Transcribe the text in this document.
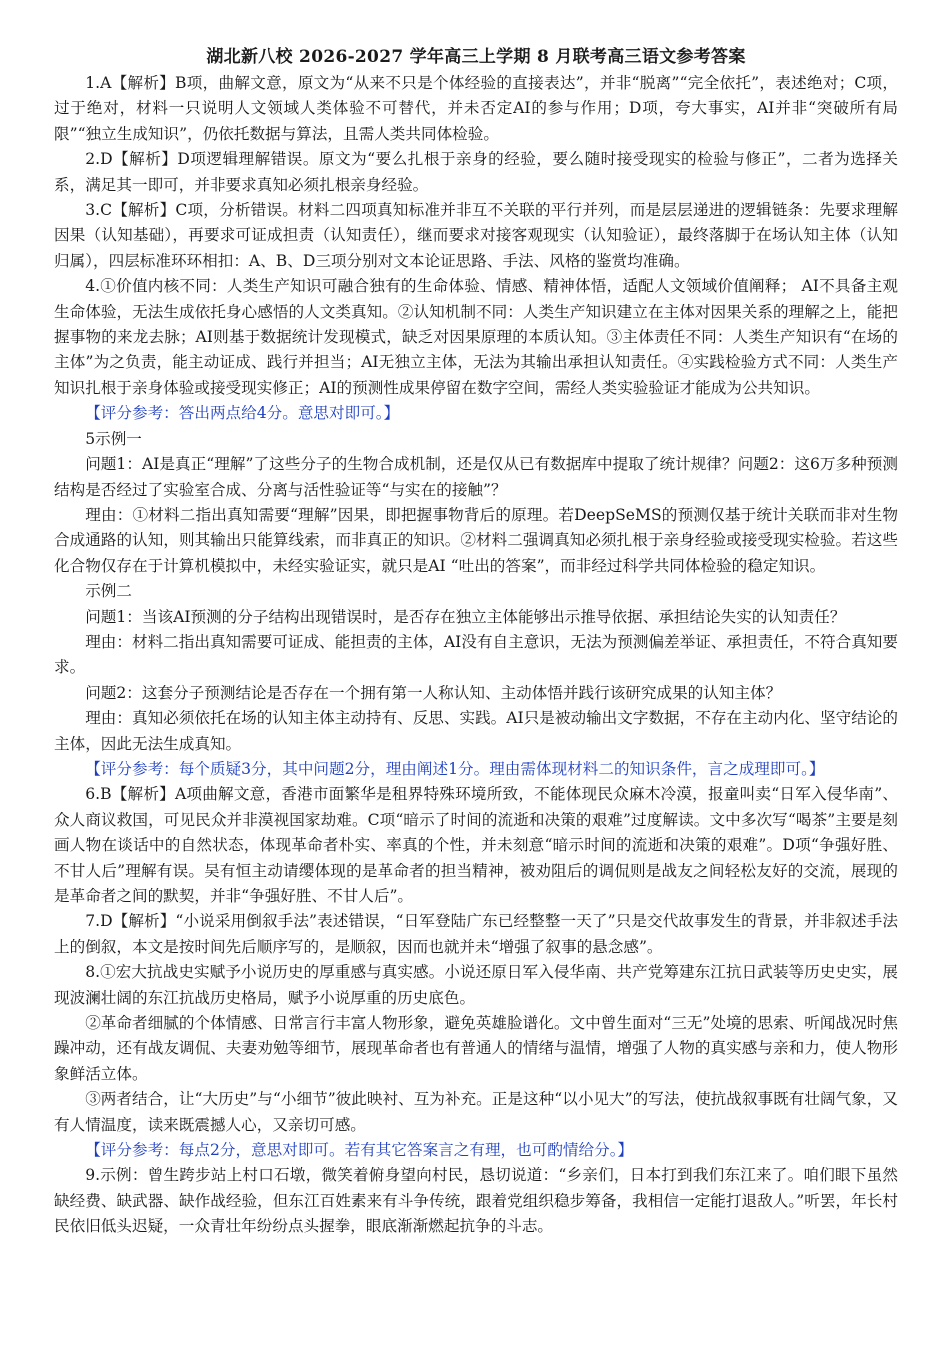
湖北新八校 2026-2027 学年高三上学期 8 月联考高三语文参考答案

1.A【解析】B项，曲解文意，原文为“从来不只是个体经验的直接表达”，并非“脱离”“完全依托”，表述绝对；C项，过于绝对，材料一只说明人文领域人类体验不可替代，并未否定AI的参与作用；D项，夸大事实，AI并非“突破所有局限”“独立生成知识”，仍依托数据与算法，且需人类共同体检验。

2.D【解析】D项逻辑理解错误。原文为“要么扎根于亲身的经验，要么随时接受现实的检验与修正”，二者为选择关系，满足其一即可，并非要求真知必须扎根亲身经验。

3.C【解析】C项，分析错误。材料二四项真知标准并非互不关联的平行并列，而是层层递进的逻辑链条：先要求理解因果（认知基础），再要求可证成担责（认知责任），继而要求对接客观现实（认知验证），最终落脚于在场认知主体（认知归属），四层标准环环相扣：A、B、D三项分别对文本论证思路、手法、风格的鉴赏均准确。

4.①价值内核不同：人类生产知识可融合独有的生命体验、情感、精神体悟，适配人文领域价值阐释； AI不具备主观生命体验，无法生成依托身心感悟的人文类真知。②认知机制不同：人类生产知识建立在主体对因果关系的理解之上，能把握事物的来龙去脉；AI则基于数据统计发现模式，缺乏对因果原理的本质认知。③主体责任不同：人类生产知识有“在场的主体”为之负责，能主动证成、践行并担当；AI无独立主体，无法为其输出承担认知责任。④实践检验方式不同：人类生产知识扎根于亲身体验或接受现实修正；AI的预测性成果停留在数字空间，需经人类实验验证才能成为公共知识。

【评分参考：答出两点给4分。意思对即可。】

5示例一

问题1：AI是真正“理解”了这些分子的生物合成机制，还是仅从已有数据库中提取了统计规律？问题2：这6万多种预测结构是否经过了实验室合成、分离与活性验证等“与实在的接触”？

理由：①材料二指出真知需要“理解”因果，即把握事物背后的原理。若DeepSeMS的预测仅基于统计关联而非对生物合成通路的认知，则其输出只能算线索，而非真正的知识。②材料二强调真知必须扎根于亲身经验或接受现实检验。若这些化合物仅存在于计算机模拟中，未经实验证实，就只是AI “吐出的答案”，而非经过科学共同体检验的稳定知识。

示例二

问题1：当该AI预测的分子结构出现错误时，是否存在独立主体能够出示推导依据、承担结论失实的认知责任？

理由：材料二指出真知需要可证成、能担责的主体，AI没有自主意识，无法为预测偏差举证、承担责任，不符合真知要求。

问题2：这套分子预测结论是否存在一个拥有第一人称认知、主动体悟并践行该研究成果的认知主体？

理由：真知必须依托在场的认知主体主动持有、反思、实践。AI只是被动输出文字数据，不存在主动内化、坚守结论的主体，因此无法生成真知。

【评分参考：每个质疑3分，其中问题2分，理由阐述1分。理由需体现材料二的知识条件，言之成理即可。】

6.B【解析】A项曲解文意，香港市面繁华是租界特殊环境所致，不能体现民众麻木冷漠，报童叫卖“日军入侵华南”、众人商议救国，可见民众并非漠视国家劫难。C项“暗示了时间的流逝和决策的艰难”过度解读。文中多次写“喝茶”主要是刻画人物在谈话中的自然状态，体现革命者朴实、率真的个性，并未刻意“暗示时间的流逝和决策的艰难”。D项“争强好胜、不甘人后”理解有误。吴有恒主动请缨体现的是革命者的担当精神，被劝阻后的调侃则是战友之间轻松友好的交流，展现的是革命者之间的默契，并非“争强好胜、不甘人后”。

7.D【解析】“小说采用倒叙手法”表述错误，“日军登陆广东已经整整一天了”只是交代故事发生的背景，并非叙述手法上的倒叙，本文是按时间先后顺序写的，是顺叙，因而也就并未“增强了叙事的悬念感”。

8.①宏大抗战史实赋予小说历史的厚重感与真实感。小说还原日军入侵华南、共产党筹建东江抗日武装等历史史实，展现波澜壮阔的东江抗战历史格局，赋予小说厚重的历史底色。

②革命者细腻的个体情感、日常言行丰富人物形象，避免英雄脸谱化。文中曾生面对“三无”处境的思索、听闻战况时焦躁冲动，还有战友调侃、夫妻劝勉等细节，展现革命者也有普通人的情绪与温情，增强了人物的真实感与亲和力，使人物形象鲜活立体。

③两者结合，让“大历史”与“小细节”彼此映衬、互为补充。正是这种“以小见大”的写法，使抗战叙事既有壮阔气象，又有人情温度，读来既震撼人心，又亲切可感。

【评分参考：每点2分，意思对即可。若有其它答案言之有理，也可酌情给分。】

9.示例：曾生跨步站上村口石墩，微笑着俯身望向村民，恳切说道：“乡亲们，日本打到我们东江来了。咱们眼下虽然缺经费、缺武器、缺作战经验，但东江百姓素来有斗争传统，跟着党组织稳步筹备，我相信一定能打退敌人。”听罢，年长村民依旧低头迟疑，一众青壮年纷纷点头握拳，眼底渐渐燃起抗争的斗志。
